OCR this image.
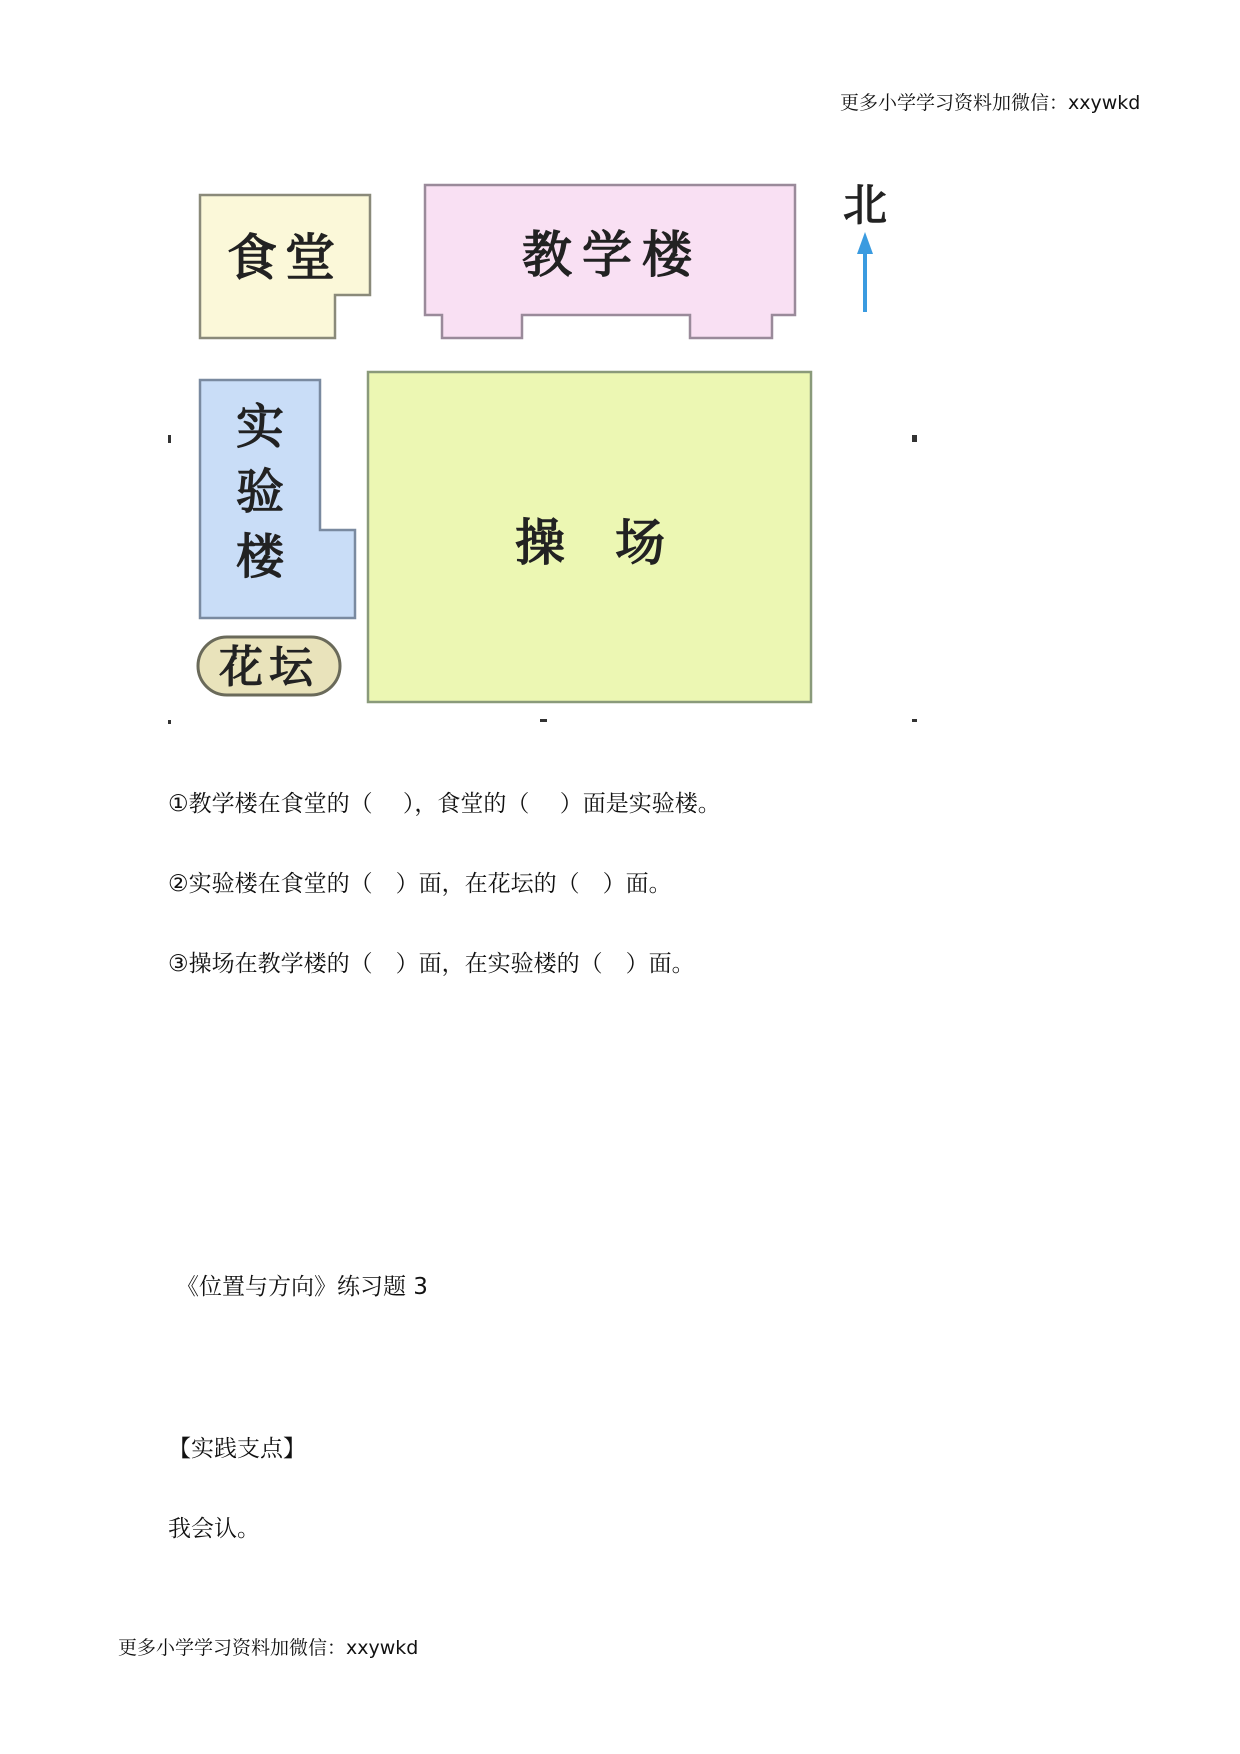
更多小学学习资料加微信：xxywkd
食堂	教学楼
北
实
验
楼	操　场
花坛
①教学楼在食堂的（　 ），食堂的（　 ）面是实验楼。
②实验楼在食堂的（　）面，在花坛的（　）面。
③操场在教学楼的（　）面，在实验楼的（　）面。
《位置与方向》练习题 3
【实践支点】
我会认。
更多小学学习资料加微信：xxywkd
